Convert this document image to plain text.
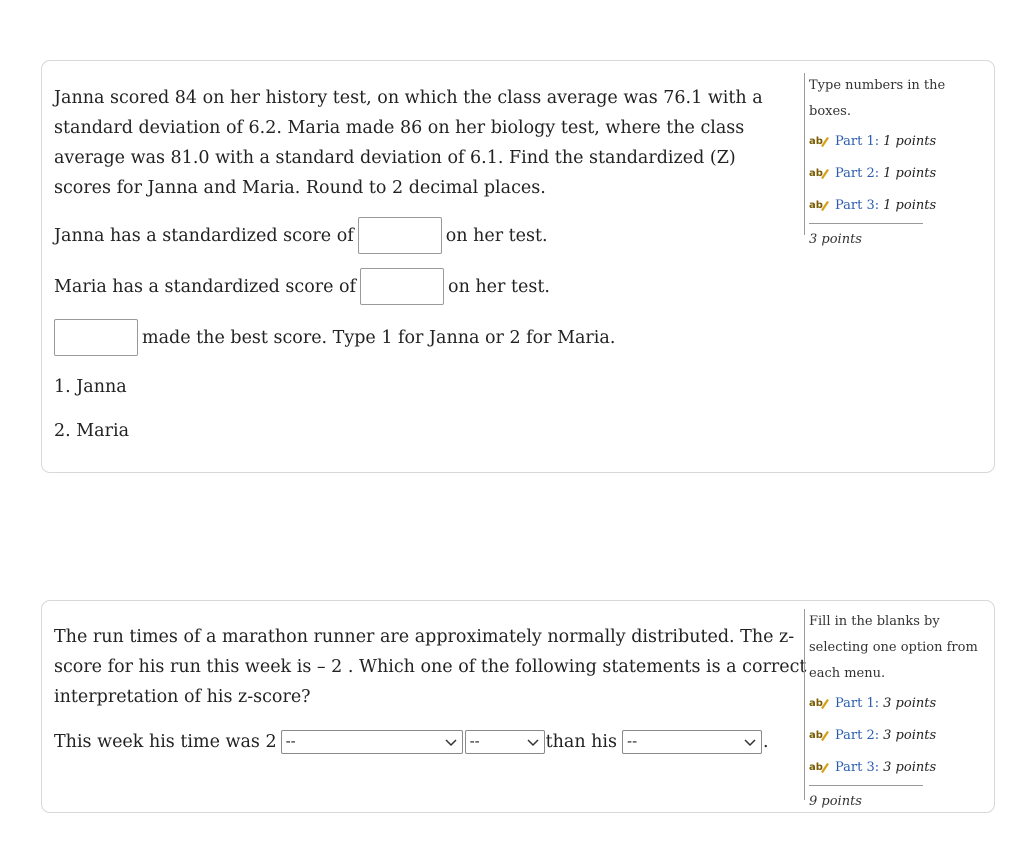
Janna scored 84 on her history test, on which the class average was 76.1 with a standard deviation of 6.2. Maria made 86 on her biology test, where the class average was 81.0 with a standard deviation of 6.1. Find the standardized (Z) scores for Janna and Maria. Round to 2 decimal places.
Janna has a standardized score of	on her test.
Maria has a standardized score of	on her test.
made the best score. Type 1 for Janna or 2 for Maria.
1. Janna
2. Maria
Type numbers in the boxes.
ab Part 1: 1 points
ab Part 2: 1 points
ab Part 3: 1 points
3 points
The run times of a marathon runner are approximately normally distributed. The z-score for his run this week is – 2 . Which one of the following statements is a correct interpretation of his z-score?
This week his time was 2 --	--	than his --	.
Fill in the blanks by selecting one option from each menu.
ab Part 1: 3 points
ab Part 2: 3 points
ab Part 3: 3 points
9 points
